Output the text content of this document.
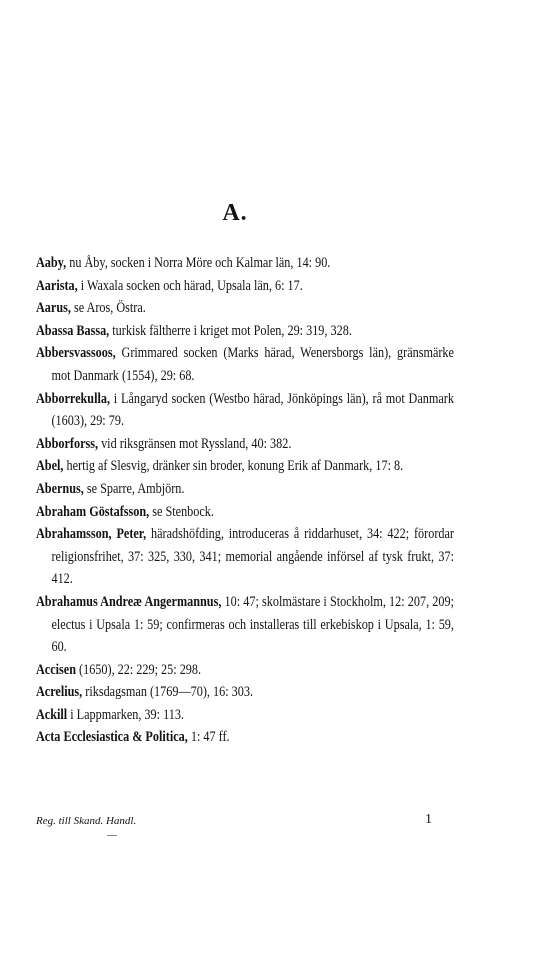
A.

Aaby, nu Åby, socken i Norra Möre och Kalmar län, 14: 90.

Aarista, i Waxala socken och härad, Upsala län, 6: 17.

Aarus, se Aros, Östra.

Abassa Bassa, turkisk fältherre i kriget mot Polen, 29: 319, 328.

Abbersvassoos, Grimmared socken (Marks härad, Wenersborgs län), gränsmärke mot Danmark (1554), 29: 68.

Abborrekulla, i Långaryd socken (Westbo härad, Jönköpings län), rå mot Danmark (1603), 29: 79.

Abborforss, vid riksgränsen mot Ryssland, 40: 382.

Abel, hertig af Slesvig, dränker sin broder, konung Erik af Danmark, 17: 8.

Abernus, se Sparre, Ambjörn.

Abraham Göstafsson, se Stenbock.

Abrahamsson, Peter, häradshöfding, introduceras å riddarhuset, 34: 422; förordar religionsfrihet, 37: 325, 330, 341; memorial angående införsel af tysk frukt, 37: 412.

Abrahamus Andreæ Angermannus, 10: 47; skolmästare i Stockholm, 12: 207, 209; electus i Upsala 1: 59; confirmeras och installeras till erkebiskop i Upsala, 1: 59, 60.

Accisen (1650), 22: 229; 25: 298.

Acrelius, riksdagsman (1769—70), 16: 303.

Ackill i Lappmarken, 39: 113.

Acta Ecclesiastica & Politica, 1: 47 ff.

Reg. till Skand. Handl.	1
